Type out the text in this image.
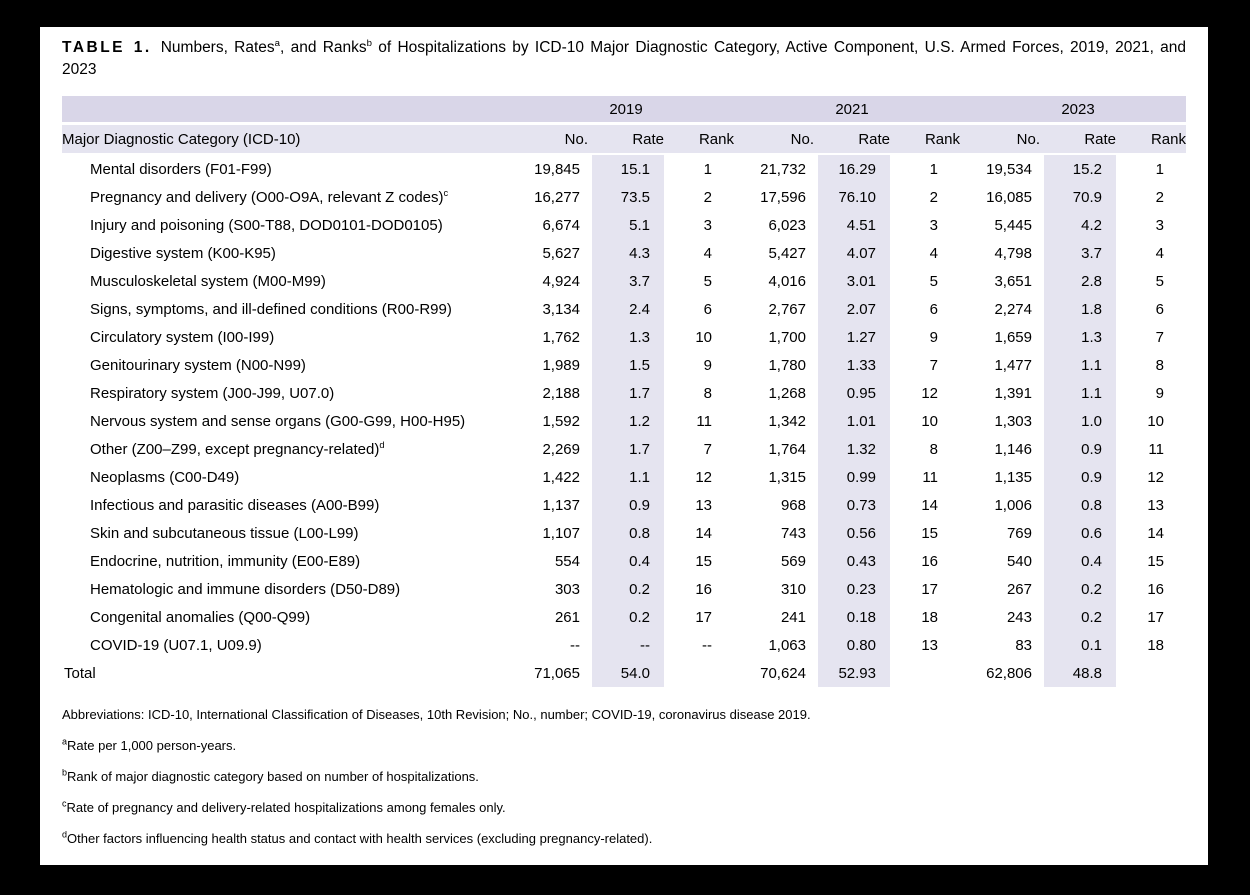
TABLE 1. Numbers, Rates$^a$, and Ranks$^b$ of Hospitalizations by ICD-10 Major Diagnostic Category, Active Component, U.S. Armed Forces, 2019, 2021, and 2023

		2019			2021			2023	
Major Diagnostic Category (ICD-10)	No.	Rate	Rank	No.	Rate	Rank	No.	Rate	Rank
Mental disorders (F01-F99)	19,845	15.1	1	21,732	16.29	1	19,534	15.2	1
Pregnancy and delivery (O00-O9A, relevant Z codes)$^c$	16,277	73.5	2	17,596	76.10	2	16,085	70.9	2
Injury and poisoning (S00-T88, DOD0101-DOD0105)	6,674	5.1	3	6,023	4.51	3	5,445	4.2	3
Digestive system (K00-K95)	5,627	4.3	4	5,427	4.07	4	4,798	3.7	4
Musculoskeletal system (M00-M99)	4,924	3.7	5	4,016	3.01	5	3,651	2.8	5
Signs, symptoms, and ill-defined conditions (R00-R99)	3,134	2.4	6	2,767	2.07	6	2,274	1.8	6
Circulatory system (I00-I99)	1,762	1.3	10	1,700	1.27	9	1,659	1.3	7
Genitourinary system (N00-N99)	1,989	1.5	9	1,780	1.33	7	1,477	1.1	8
Respiratory system (J00-J99, U07.0)	2,188	1.7	8	1,268	0.95	12	1,391	1.1	9
Nervous system and sense organs (G00-G99, H00-H95)	1,592	1.2	11	1,342	1.01	10	1,303	1.0	10
Other (Z00–Z99, except pregnancy-related)$^d$	2,269	1.7	7	1,764	1.32	8	1,146	0.9	11
Neoplasms (C00-D49)	1,422	1.1	12	1,315	0.99	11	1,135	0.9	12
Infectious and parasitic diseases (A00-B99)	1,137	0.9	13	968	0.73	14	1,006	0.8	13
Skin and subcutaneous tissue (L00-L99)	1,107	0.8	14	743	0.56	15	769	0.6	14
Endocrine, nutrition, immunity (E00-E89)	554	0.4	15	569	0.43	16	540	0.4	15
Hematologic and immune disorders (D50-D89)	303	0.2	16	310	0.23	17	267	0.2	16
Congenital anomalies (Q00-Q99)	261	0.2	17	241	0.18	18	243	0.2	17
COVID-19 (U07.1, U09.9)	--	--	--	1,063	0.80	13	83	0.1	18
Total	71,065	54.0		70,624	52.93		62,806	48.8	

Abbreviations: ICD-10, International Classification of Diseases, 10th Revision; No., number; COVID-19, coronavirus disease 2019.

$^a$Rate per 1,000 person-years.

$^b$Rank of major diagnostic category based on number of hospitalizations.

$^c$Rate of pregnancy and delivery-related hospitalizations among females only.

$^d$Other factors influencing health status and contact with health services (excluding pregnancy-related).
